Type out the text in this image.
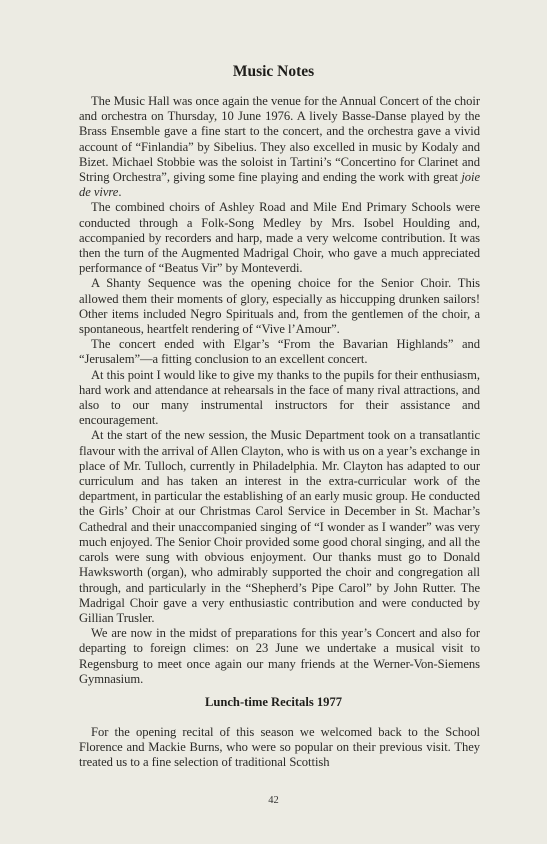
Music Notes

The Music Hall was once again the venue for the Annual Concert of the choir and orchestra on Thursday, 10 June 1976. A lively Basse-Danse played by the Brass Ensemble gave a fine start to the concert, and the orchestra gave a vivid account of “Finlandia” by Sibelius. They also excelled in music by Kodaly and Bizet. Michael Stobbie was the soloist in Tartini’s “Concertino for Clarinet and String Orchestra”, giving some fine playing and ending the work with great joie de vivre.

The combined choirs of Ashley Road and Mile End Primary Schools were conducted through a Folk-Song Medley by Mrs. Isobel Houlding and, accompanied by recorders and harp, made a very welcome contribution. It was then the turn of the Augmented Madrigal Choir, who gave a much appreciated performance of “Beatus Vir” by Monteverdi.

A Shanty Sequence was the opening choice for the Senior Choir. This allowed them their moments of glory, especially as hiccupping drunken sailors! Other items included Negro Spirituals and, from the gentlemen of the choir, a spontaneous, heartfelt rendering of “Vive l’Amour”.

The concert ended with Elgar’s “From the Bavarian Highlands” and “Jerusalem”—a fitting conclusion to an excellent concert.

At this point I would like to give my thanks to the pupils for their enthusiasm, hard work and attendance at rehearsals in the face of many rival attractions, and also to our many instrumental instructors for their assistance and encouragement.

At the start of the new session, the Music Department took on a transatlantic flavour with the arrival of Allen Clayton, who is with us on a year’s exchange in place of Mr. Tulloch, currently in Philadelphia. Mr. Clayton has adapted to our curriculum and has taken an interest in the extra-curricular work of the department, in particular the establishing of an early music group. He conducted the Girls’ Choir at our Christmas Carol Service in December in St. Machar’s Cathedral and their unaccompanied singing of “I wonder as I wander” was very much enjoyed. The Senior Choir provided some good choral singing, and all the carols were sung with obvious enjoyment. Our thanks must go to Donald Hawksworth (organ), who admirably supported the choir and congregation all through, and particularly in the “Shepherd’s Pipe Carol” by John Rutter. The Madrigal Choir gave a very enthusiastic contribution and were conducted by Gillian Trusler.

We are now in the midst of preparations for this year’s Concert and also for departing to foreign climes: on 23 June we undertake a musical visit to Regensburg to meet once again our many friends at the Werner-Von-Siemens Gymnasium.

Lunch-time Recitals 1977

For the opening recital of this season we welcomed back to the School Florence and Mackie Burns, who were so popular on their previous visit. They treated us to a fine selection of traditional Scottish

42
